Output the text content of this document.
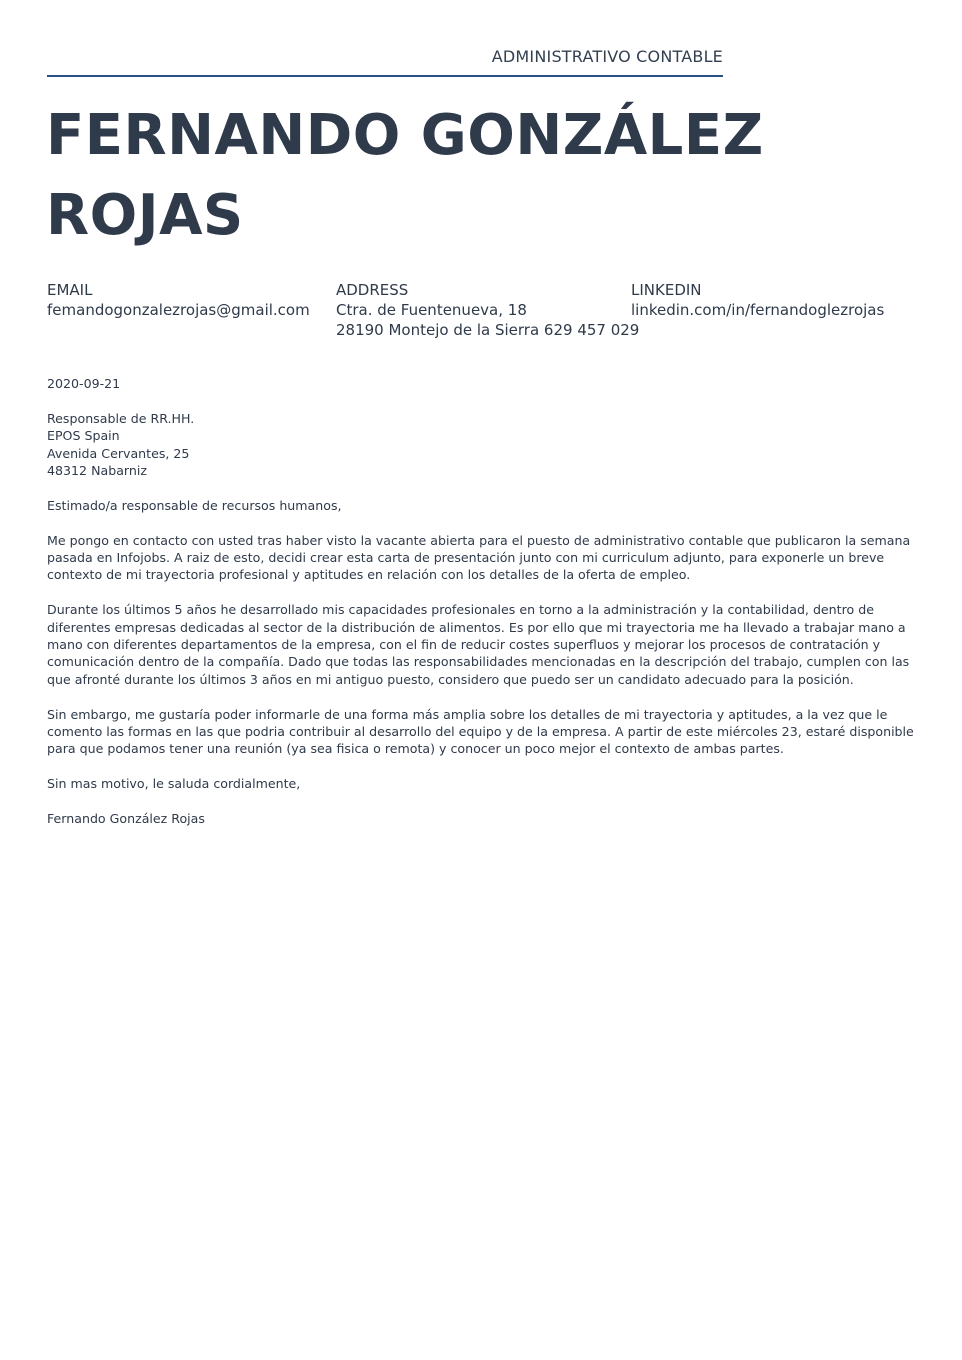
ADMINISTRATIVO CONTABLE
FERNANDO GONZÁLEZ
ROJAS
EMAIL
femandogonzalezrojas@gmail.com
ADDRESS
Ctra. de Fuentenueva, 18
28190 Montejo de la Sierra 629 457 029
LINKEDIN
linkedin.com/in/fernandoglezrojas

2020-09-21

Responsable de RR.HH.
EPOS Spain
Avenida Cervantes, 25
48312 Nabarniz

Estimado/a responsable de recursos humanos,

Me pongo en contacto con usted tras haber visto la vacante abierta para el puesto de administrativo contable que publicaron la semana pasada en Infojobs. A raiz de esto, decidi crear esta carta de presentación junto con mi curriculum adjunto, para exponerle un breve contexto de mi trayectoria profesional y aptitudes en relación con los detalles de la oferta de empleo.

Durante los últimos 5 años he desarrollado mis capacidades profesionales en torno a la administración y la contabilidad, dentro de diferentes empresas dedicadas al sector de la distribución de alimentos. Es por ello que mi trayectoria me ha llevado a trabajar mano a mano con diferentes departamentos de la empresa, con el fin de reducir costes superfluos y mejorar los procesos de contratación y comunicación dentro de la compañía. Dado que todas las responsabilidades mencionadas en la descripción del trabajo, cumplen con las que afronté durante los últimos 3 años en mi antiguo puesto, considero que puedo ser un candidato adecuado para la posición.

Sin embargo, me gustaría poder informarle de una forma más amplia sobre los detalles de mi trayectoria y aptitudes, a la vez que le comento las formas en las que podria contribuir al desarrollo del equipo y de la empresa. A partir de este miércoles 23, estaré disponible para que podamos tener una reunión (ya sea fisica o remota) y conocer un poco mejor el contexto de ambas partes.

Sin mas motivo, le saluda cordialmente,

Fernando González Rojas
